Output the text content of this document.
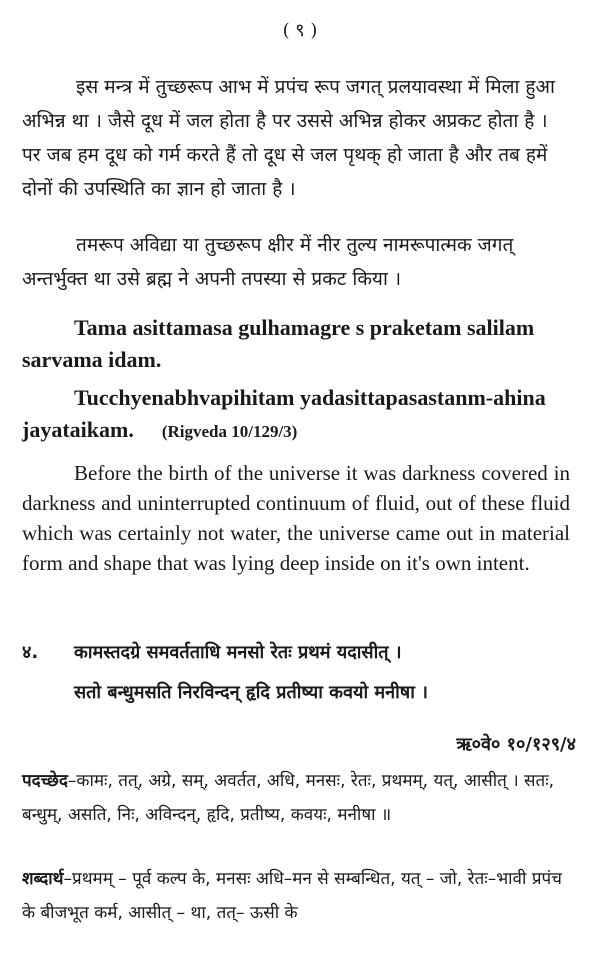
( ९ )

इस मन्त्र में तुच्छरूप आभ में प्रपंच रूप जगत् प्रलयावस्था में मिला हुआ अभिन्न था । जैसे दूध में जल होता है पर उससे अभिन्न होकर अप्रकट होता है । पर जब हम दूध को गर्म करते हैं तो दूध से जल पृथक् हो जाता है और तब हमें दोनों की उपस्थिति का ज्ञान हो जाता है ।

तमरूप अविद्या या तुच्छरूप क्षीर में नीर तुल्य नामरूपात्मक जगत् अन्तर्भुक्त था उसे ब्रह्म ने अपनी तपस्या से प्रकट किया ।

Tama asittamasa gulhamagre s praketam salilam sarvama idam.

Tucchyenabhvapihitam yadasittapasastanm-ahina jayataikam. (Rigveda 10/129/3)

Before the birth of the universe it was darkness covered in darkness and uninterrupted continuum of fluid, out of these fluid which was certainly not water, the universe came out in material form and shape that was lying deep inside on it's own intent.

४. कामस्तदग्रे समवर्तताधि मनसो रेतः प्रथमं यदासीत् ।

सतो बन्धुमसति निरविन्दन् हृदि प्रतीष्या कवयो मनीषा ।

ऋ०वे० १०/१२९/४

पदच्छेद–कामः, तत्, अग्रे, सम्, अवर्तत, अधि, मनसः, रेतः, प्रथमम्, यत्, आसीत् । सतः, बन्धुम्, असति, निः, अविन्दन्, हृदि, प्रतीष्य, कवयः, मनीषा ॥

शब्दार्थ–प्रथमम् – पूर्व कल्प के, मनसः अधि–मन से सम्बन्धित, यत् – जो, रेतः–भावी प्रपंच के बीजभूत कर्म, आसीत् – था, तत्– ऊसी के
